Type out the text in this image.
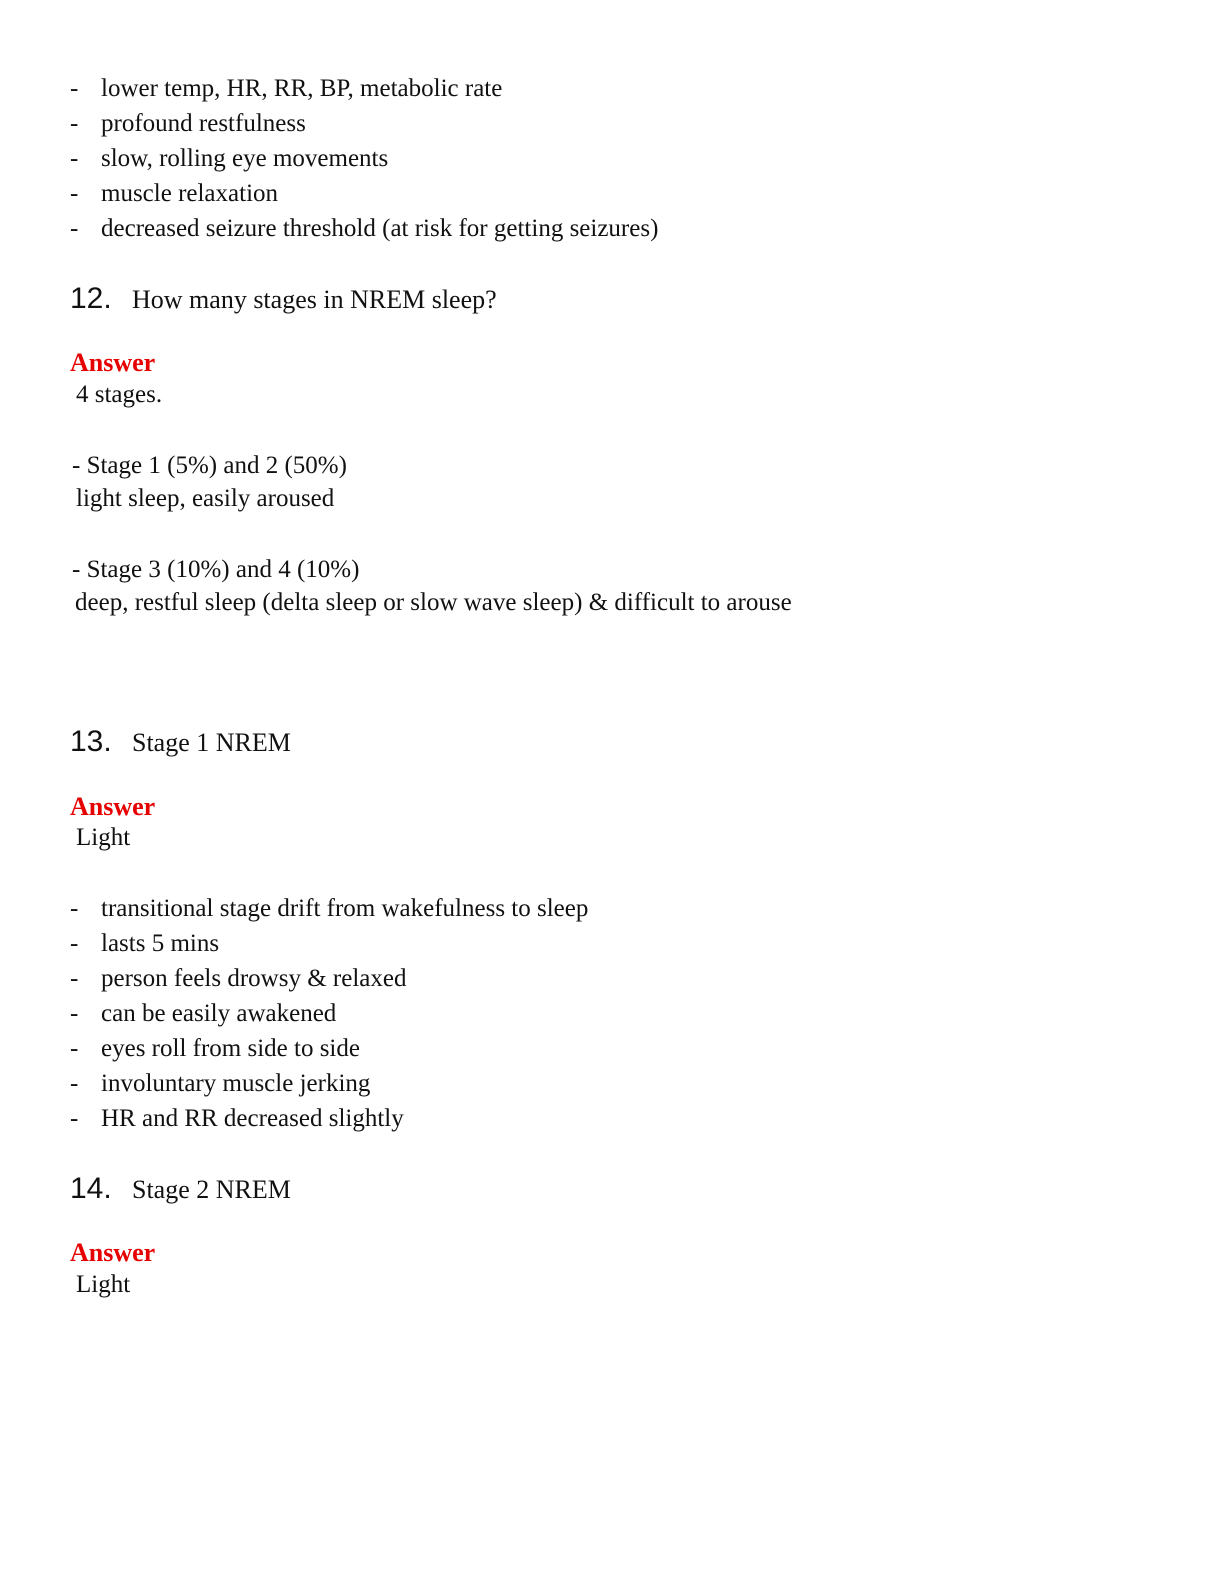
- lower temp, HR, RR, BP, metabolic rate
- profound restfulness
- slow, rolling eye movements
- muscle relaxation
- decreased seizure threshold (at risk for getting seizures)
12. How many stages in NREM sleep?
Answer
4 stages.
- Stage 1 (5%) and 2 (50%)
light sleep, easily aroused
- Stage 3 (10%) and 4 (10%)
deep, restful sleep (delta sleep or slow wave sleep) & difficult to arouse
13. Stage 1 NREM
Answer
Light
- transitional stage drift from wakefulness to sleep
- lasts 5 mins
- person feels drowsy & relaxed
- can be easily awakened
- eyes roll from side to side
- involuntary muscle jerking
- HR and RR decreased slightly
14. Stage 2 NREM
Answer
Light
